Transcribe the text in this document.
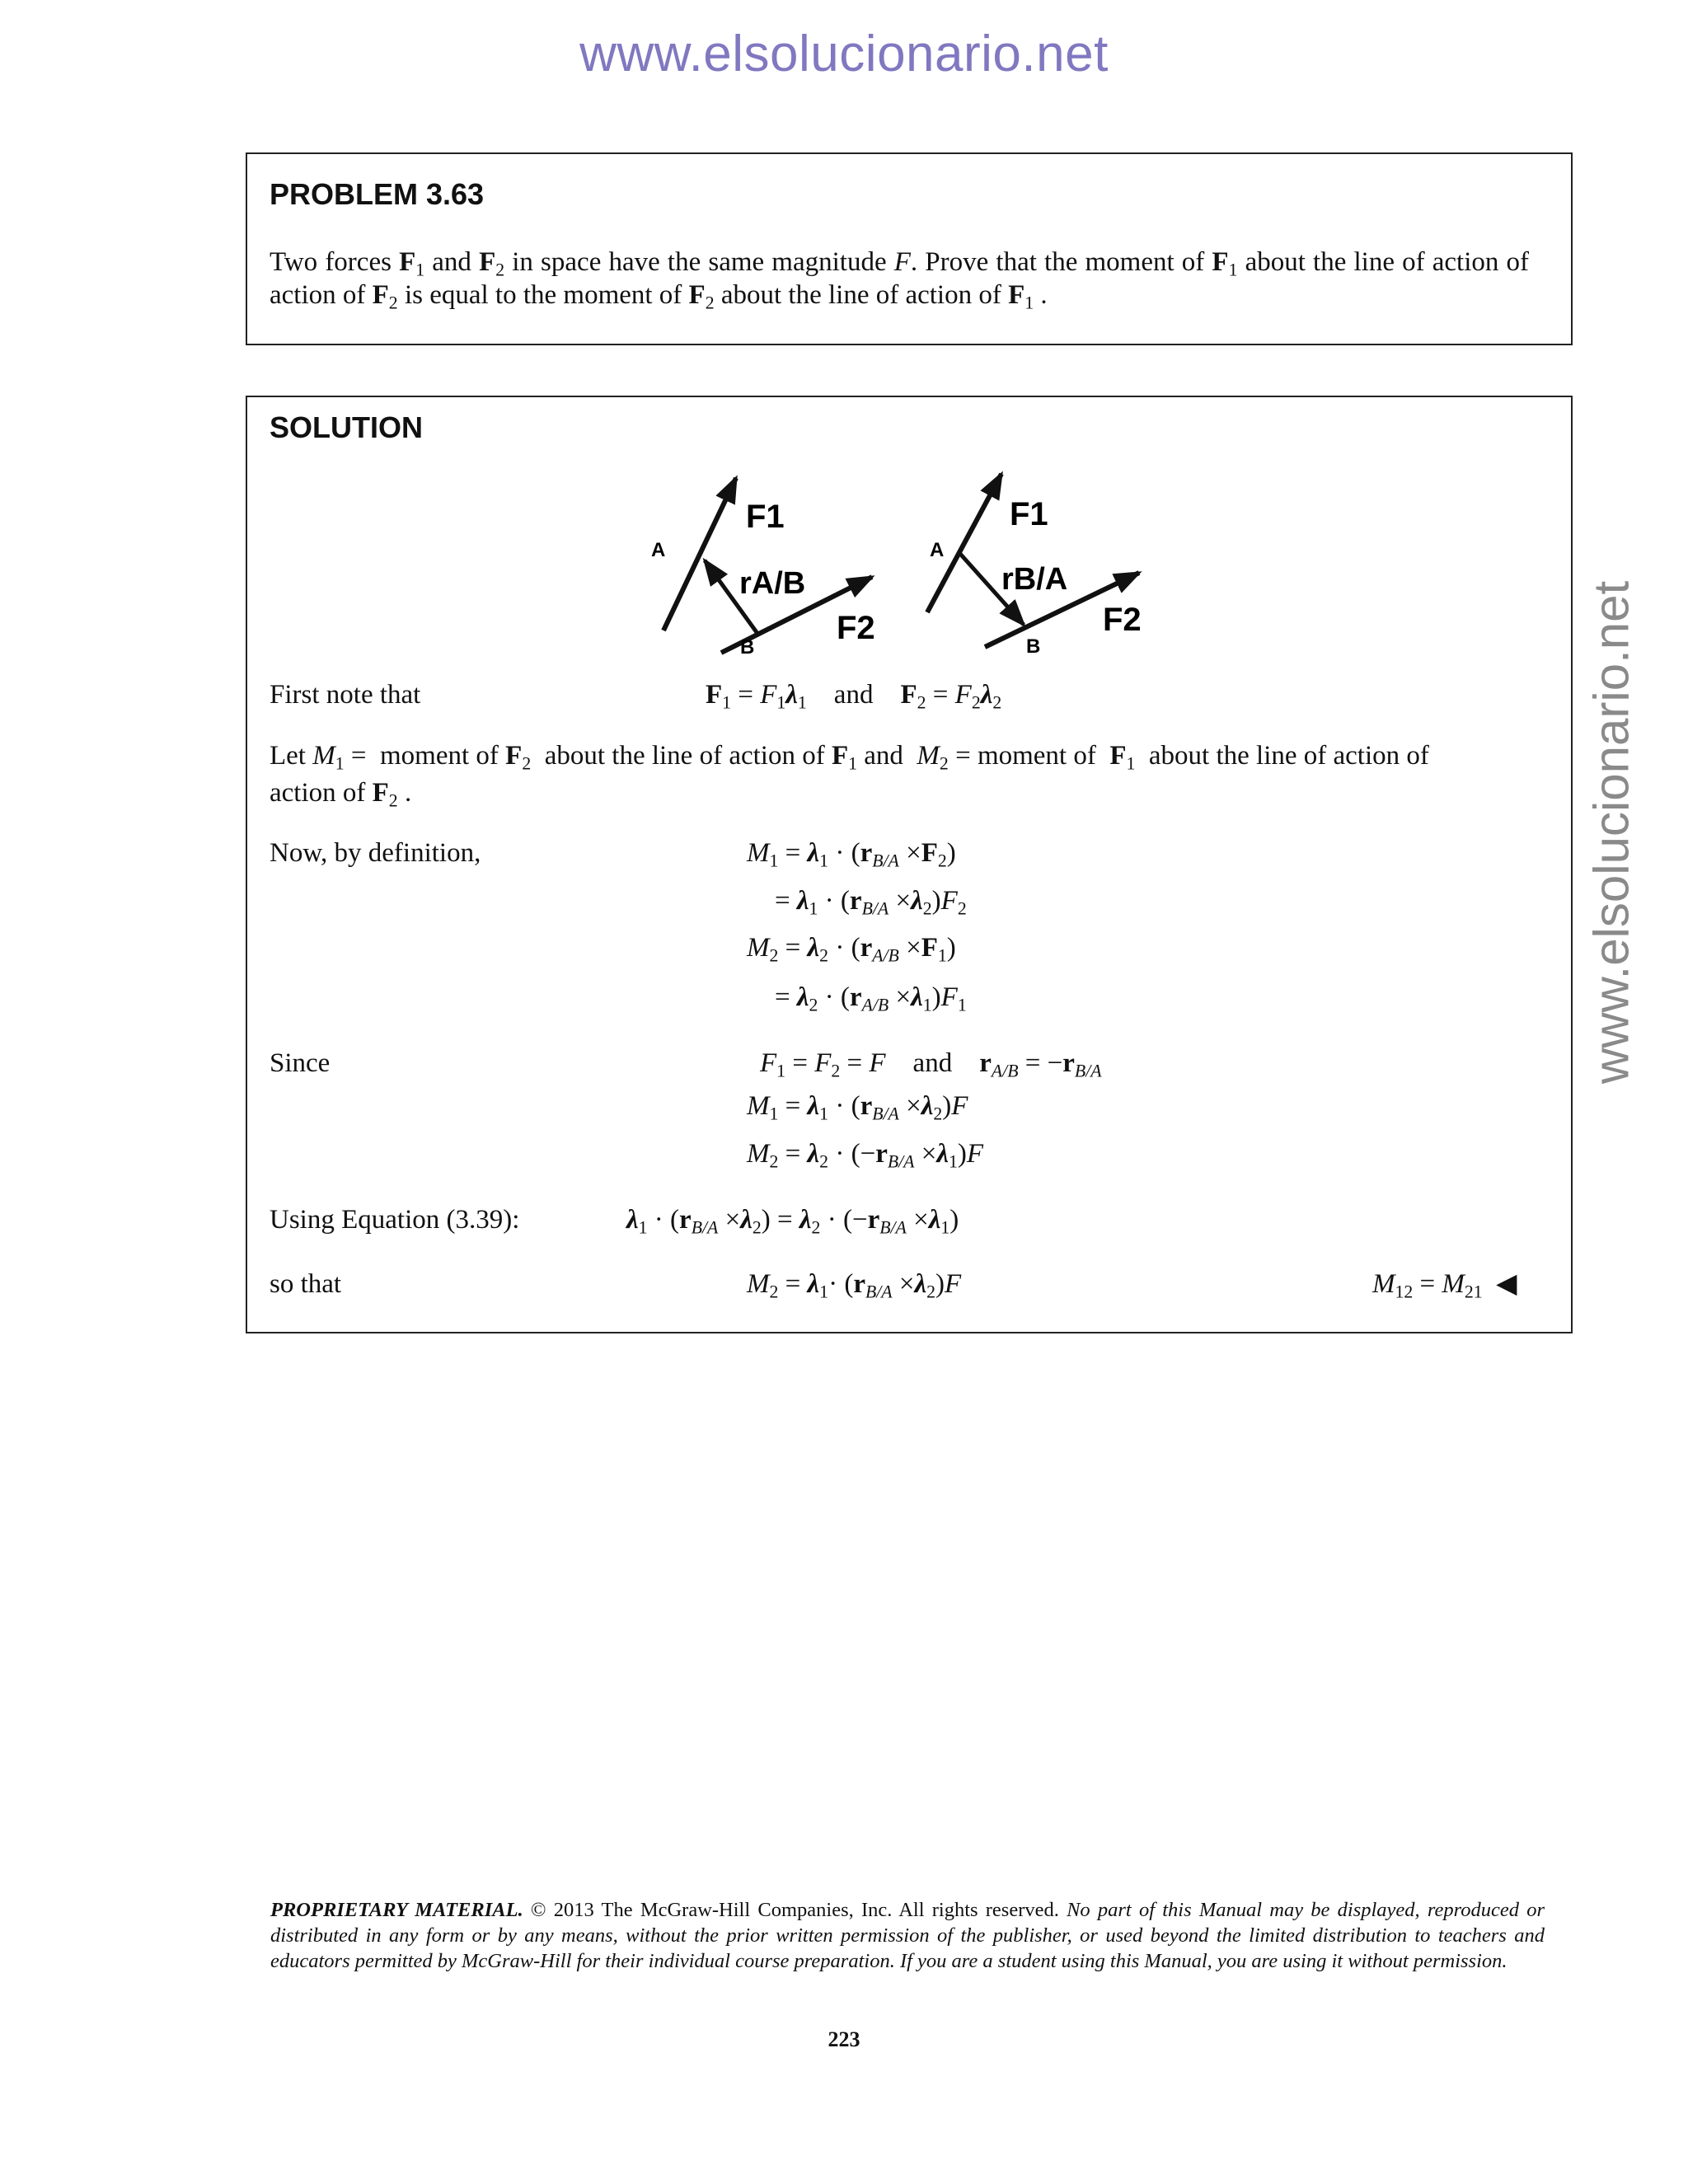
www.elsolucionario.net
www.elsolucionario.net
PROBLEM 3.63
Two forces $F_1$ and $F_2$ in space have the same magnitude F. Prove that the moment of $F_1$ about the line of action of
action of $F_2$ is equal to the moment of $F_2$ about the line of action of $F_1$ .
SOLUTION
A
B
F1
rA/B
F2
A
B
F1
rB/A
F2
First note that	$F_1 = F_1\lambda_1$ and $F_2 = F_2\lambda_2$
Let $M_1$ = moment of $F_2$ about the line of action of $F_1$ and $M_2$ = moment of $F_1$ about the line of action of
action of $F_2$ .
Now, by definition,	$M_1 = \lambda_1 \cdot (r_{B/A} \times F_2)$
= $\lambda_1 \cdot (r_{B/A} \times\lambda_2)F_2$
$M_2 = \lambda_2 \cdot (r_{A/B} \times F_1)$
= $\lambda_2 \cdot (r_{A/B} \times\lambda_1)F_1$
Since	$F_1 = F_2 = F$ and $r_{A/B} = -r_{B/A}$
$M_1 = \lambda_1 \cdot (r_{B/A} \times\lambda_2)F$
$M_2 = \lambda_2 \cdot (-r_{B/A} \times\lambda_1)F$
Using Equation (3.39):	$\lambda_1 \cdot (r_{B/A} \times\lambda_2) = \lambda_2 \cdot (-r_{B/A} \times\lambda_1)$
so that	$M_2 = \lambda_1\cdot (r_{B/A} \times\lambda_2)F$	$M_{12} = M_{21}$ ◀
PROPRIETARY MATERIAL. © 2013 The McGraw-Hill Companies, Inc. All rights reserved. No part of this Manual may be displayed, reproduced or distributed in any form or by any means, without the prior written permission of the publisher, or used beyond the limited distribution to teachers and educators permitted by McGraw-Hill for their individual course preparation. If you are a student using this Manual, you are using it without permission.
223
